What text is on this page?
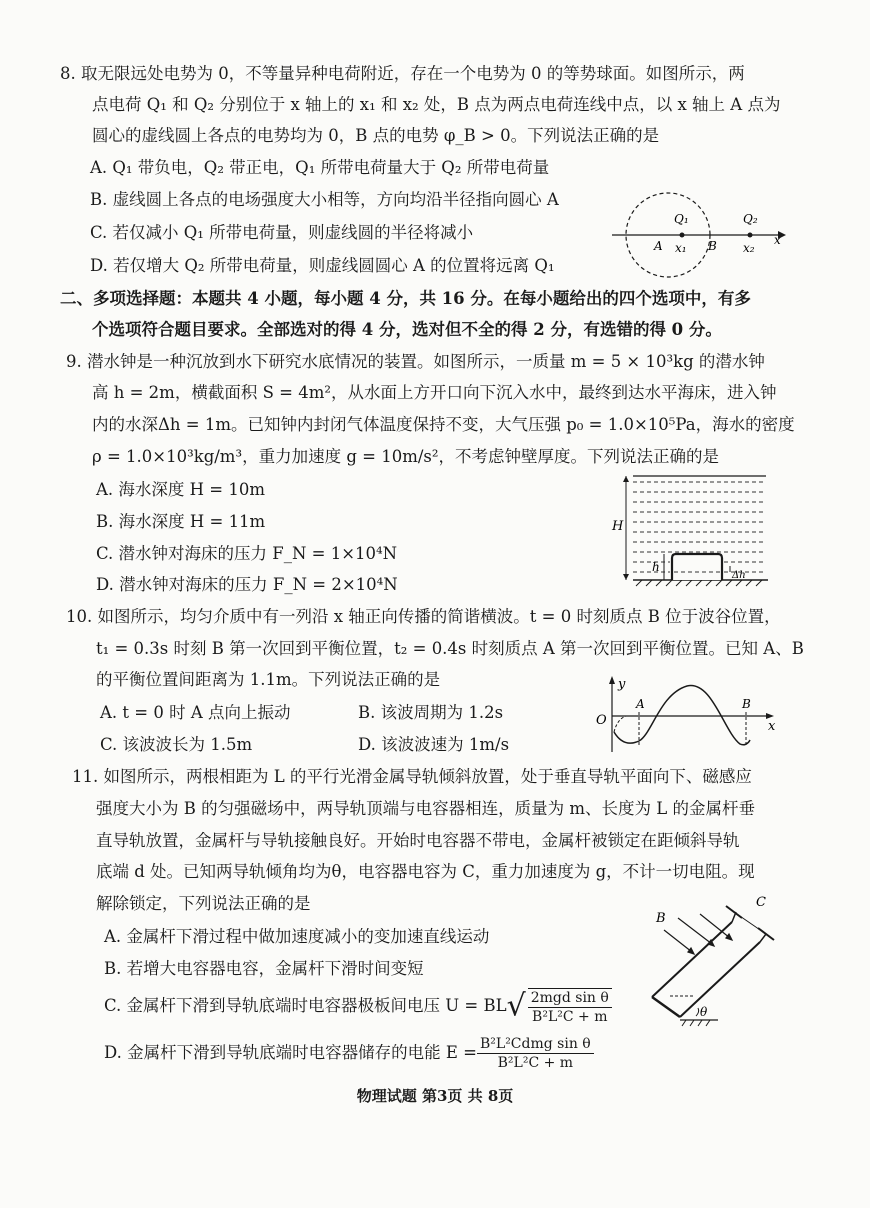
8. 取无限远处电势为 0，不等量异种电荷附近，存在一个电势为 0 的等势球面。如图所示，两
点电荷 Q₁ 和 Q₂ 分别位于 x 轴上的 x₁ 和 x₂ 处，B 点为两点电荷连线中点，以 x 轴上 A 点为
圆心的虚线圆上各点的电势均为 0，B 点的电势 φ_B > 0。下列说法正确的是
A. Q₁ 带负电，Q₂ 带正电，Q₁ 所带电荷量大于 Q₂ 所带电荷量
B. 虚线圆上各点的电场强度大小相等，方向均沿半径指向圆心 A
C. 若仅减小 Q₁ 所带电荷量，则虚线圆的半径将减小
D. 若仅增大 Q₂ 所带电荷量，则虚线圆圆心 A 的位置将远离 Q₁
Q₁	Q₂
A x₁ B x₂
x
二、多项选择题：本题共 4 小题，每小题 4 分，共 16 分。在每小题给出的四个选项中，有多
个选项符合题目要求。全部选对的得 4 分，选对但不全的得 2 分，有选错的得 0 分。
9. 潜水钟是一种沉放到水下研究水底情况的装置。如图所示，一质量 m = 5 × 10³kg 的潜水钟
高 h = 2m，横截面积 S = 4m²，从水面上方开口向下沉入水中，最终到达水平海床，进入钟
内的水深Δh = 1m。已知钟内封闭气体温度保持不变，大气压强 p₀ = 1.0×10⁵Pa，海水的密度
ρ = 1.0×10³kg/m³，重力加速度 g = 10m/s²，不考虑钟壁厚度。下列说法正确的是
A. 海水深度 H = 10m
B. 海水深度 H = 11m
C. 潜水钟对海床的压力 F_N = 1×10⁴N
D. 潜水钟对海床的压力 F_N = 2×10⁴N
H
h
Δh
10. 如图所示，均匀介质中有一列沿 x 轴正向传播的简谐横波。t = 0 时刻质点 B 位于波谷位置，
t₁ = 0.3s 时刻 B 第一次回到平衡位置，t₂ = 0.4s 时刻质点 A 第一次回到平衡位置。已知 A、B
的平衡位置间距离为 1.1m。下列说法正确的是
A. t = 0 时 A 点向上振动	B. 该波周期为 1.2s
C. 该波波长为 1.5m	D. 该波波速为 1m/s
y
O
A	B
x
11. 如图所示，两根相距为 L 的平行光滑金属导轨倾斜放置，处于垂直导轨平面向下、磁感应
强度大小为 B 的匀强磁场中，两导轨顶端与电容器相连，质量为 m、长度为 L 的金属杆垂
直导轨放置，金属杆与导轨接触良好。开始时电容器不带电，金属杆被锁定在距倾斜导轨
底端 d 处。已知两导轨倾角均为θ，电容器电容为 C，重力加速度为 g，不计一切电阻。现
解除锁定，下列说法正确的是
A. 金属杆下滑过程中做加速度减小的变加速直线运动
B. 若增大电容器电容，金属杆下滑时间变短
C. 金属杆下滑到导轨底端时电容器极板间电压 $U = BL√ \frac{\text{2mgd sin θ}}{\text{B²L²C + m}}$
D. 金属杆下滑到导轨底端时电容器储存的电能 $E = \frac{\text{B²L²Cdmg sin θ}}{\text{B²L²C + m}}$
C
B
θ
物理试题 第3页 共 8页
